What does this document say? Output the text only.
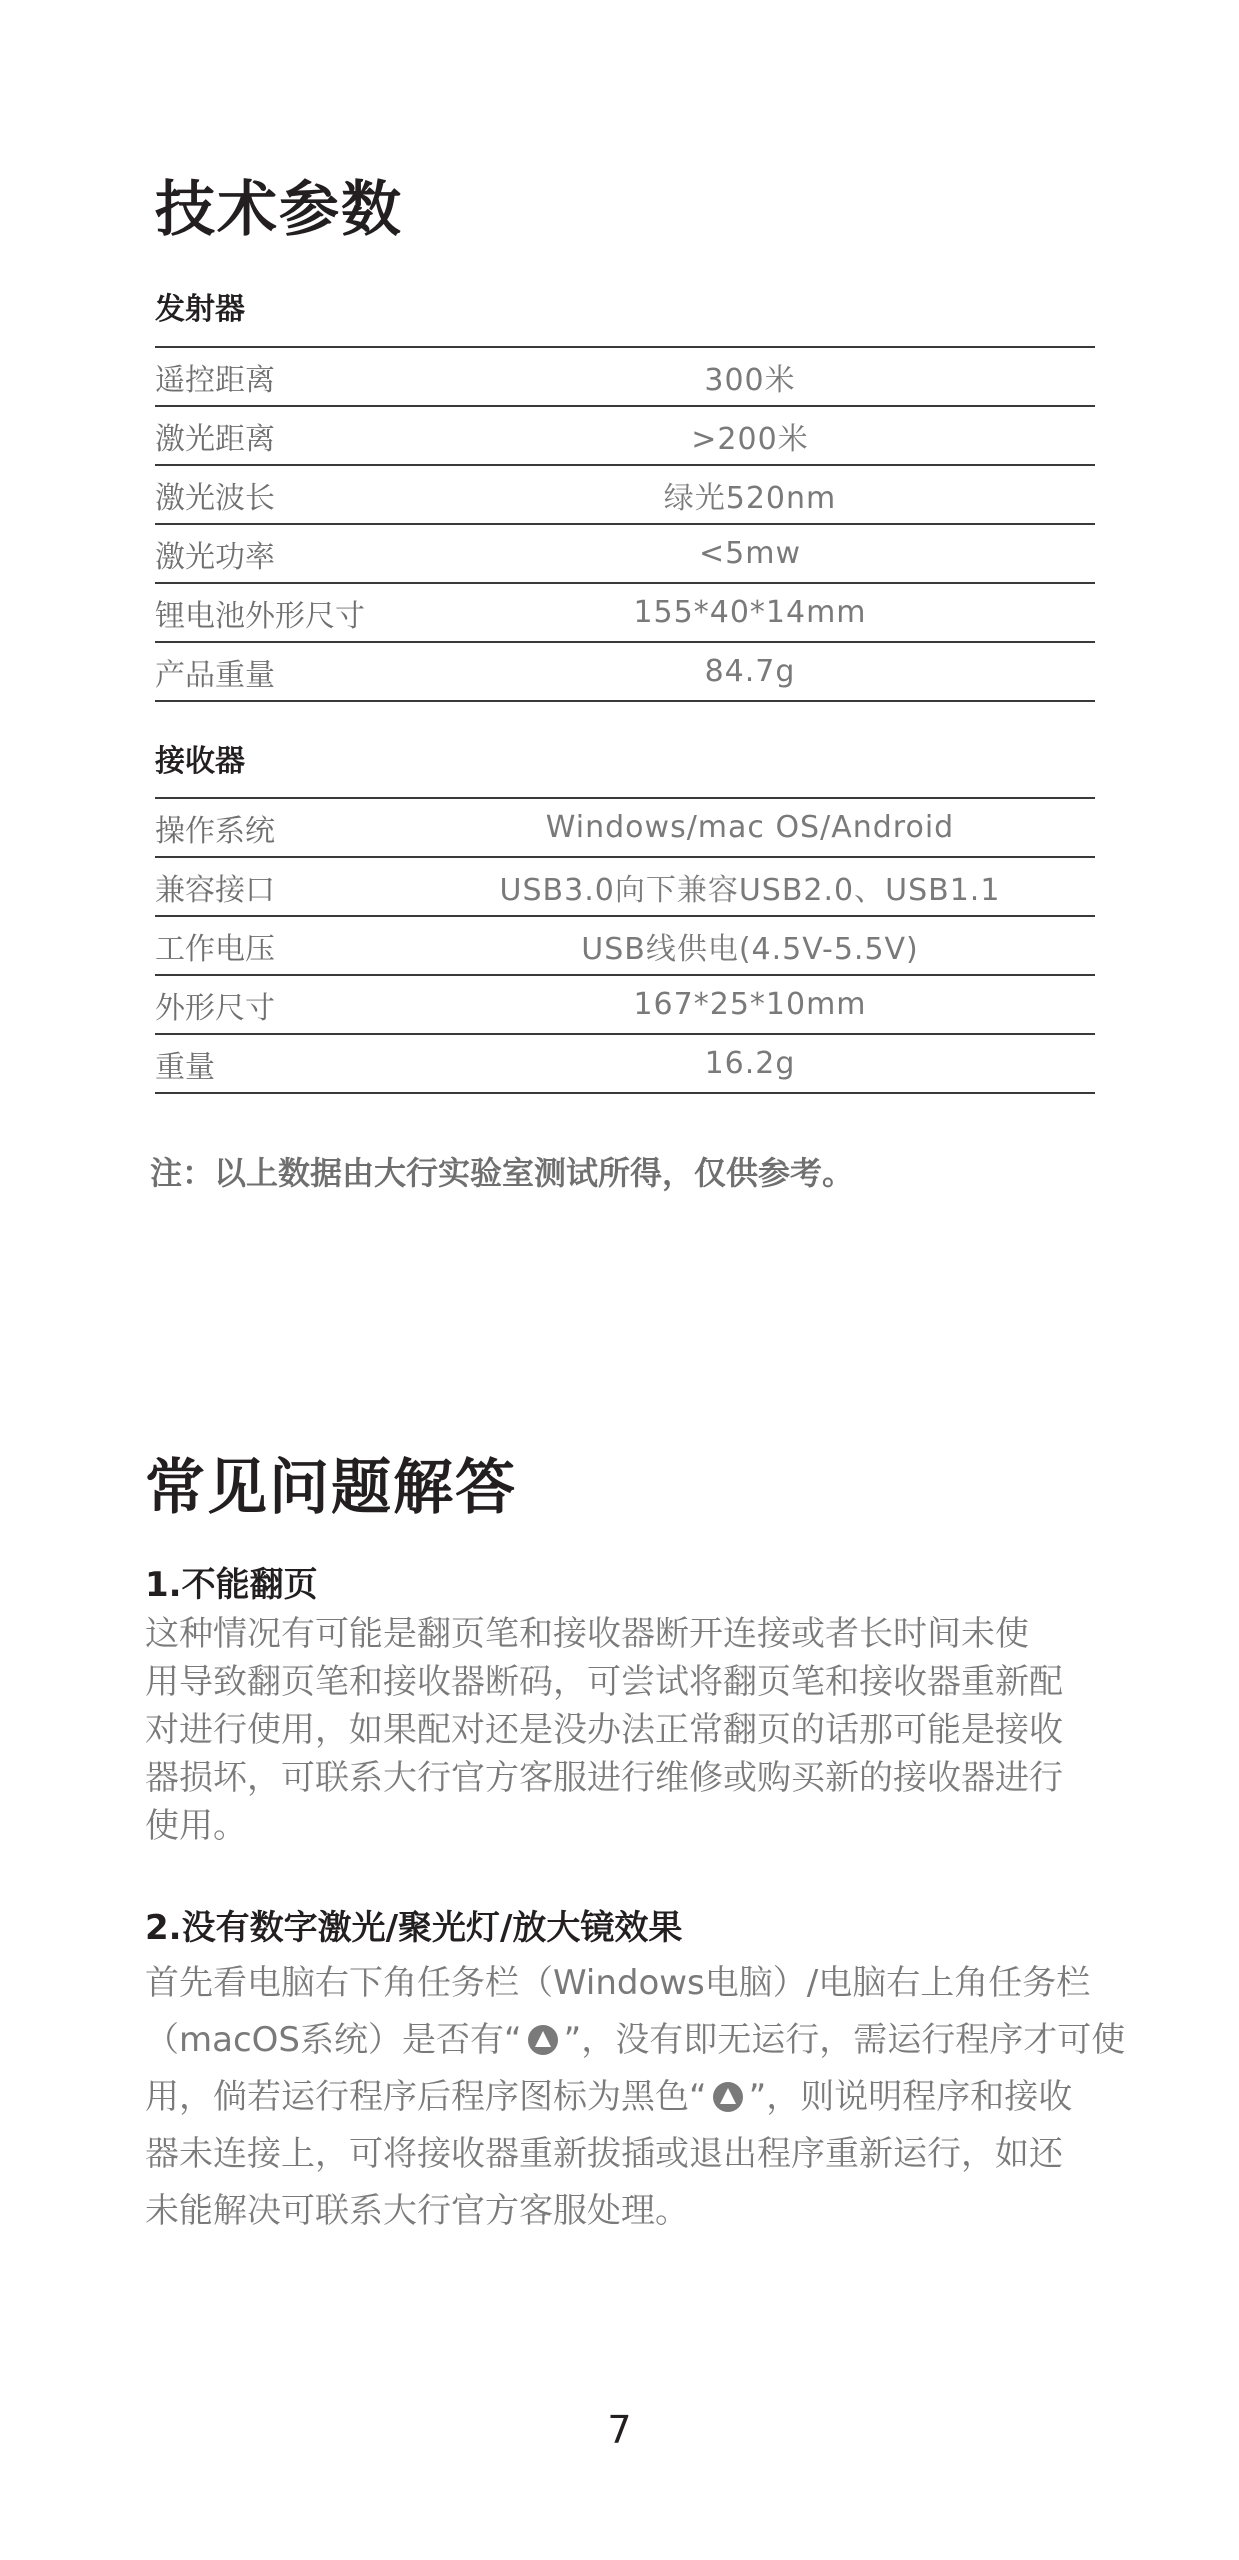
技术参数
发射器
遥控距离	300米
激光距离	>200米
激光波长	绿光520nm
激光功率	<5mw
锂电池外形尺寸	155*40*14mm
产品重量	84.7g
接收器
操作系统	Windows/mac OS/Android
兼容接口	USB3.0向下兼容USB2.0、USB1.1
工作电压	USB线供电(4.5V-5.5V)
外形尺寸	167*25*10mm
重量	16.2g

注：以上数据由大行实验室测试所得，仅供参考。

常见问题解答
1.不能翻页

这种情况有可能是翻页笔和接收器断开连接或者长时间未使
用导致翻页笔和接收器断码，可尝试将翻页笔和接收器重新配
对进行使用，如果配对还是没办法正常翻页的话那可能是接收
器损坏，可联系大行官方客服进行维修或购买新的接收器进行
使用。

2.没有数字激光/聚光灯/放大镜效果

首先看电脑右下角任务栏（Windows电脑）/电脑右上角任务栏
（macOS系统）是否有“ ”，没有即无运行，需运行程序才可使
用，倘若运行程序后程序图标为黑色“ ”，则说明程序和接收
器未连接上，可将接收器重新拔插或退出程序重新运行，如还
未能解决可联系大行官方客服处理。

7
